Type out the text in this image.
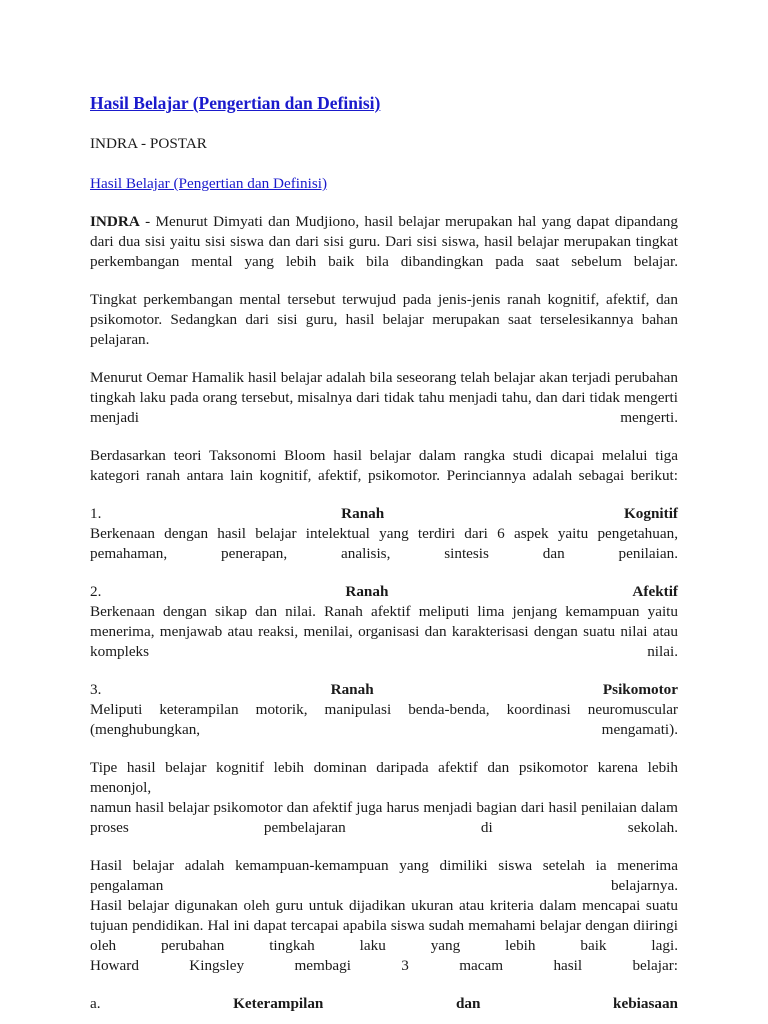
Hasil Belajar (Pengertian dan Definisi)
INDRA - POSTAR
Hasil Belajar (Pengertian dan Definisi)

INDRA - Menurut Dimyati dan Mudjiono, hasil belajar merupakan hal yang dapat dipandang

dari dua sisi yaitu sisi siswa dan dari sisi guru. Dari sisi siswa, hasil belajar merupakan tingkat

perkembangan mental yang lebih baik bila dibandingkan pada saat sebelum belajar.

Tingkat perkembangan mental tersebut terwujud pada jenis-jenis ranah kognitif, afektif, dan

psikomotor. Sedangkan dari sisi guru, hasil belajar merupakan saat terselesikannya bahan

pelajaran.

Menurut Oemar Hamalik hasil belajar adalah bila seseorang telah belajar akan terjadi perubahan

tingkah laku pada orang tersebut, misalnya dari tidak tahu menjadi tahu, dan dari tidak mengerti

menjadi	mengerti.

Berdasarkan teori Taksonomi Bloom hasil belajar dalam rangka studi dicapai melalui tiga

kategori ranah antara lain kognitif, afektif, psikomotor. Perinciannya adalah sebagai berikut:

1.	Ranah	Kognitif

Berkenaan dengan hasil belajar intelektual yang terdiri dari 6 aspek yaitu pengetahuan,

pemahaman, penerapan, analisis, sintesis dan penilaian.

2.	Ranah	Afektif

Berkenaan dengan sikap dan nilai. Ranah afektif meliputi lima jenjang kemampuan yaitu

menerima, menjawab atau reaksi, menilai, organisasi dan karakterisasi dengan suatu nilai atau

kompleks	nilai.
3.	Ranah	Psikomotor

Meliputi keterampilan motorik, manipulasi benda-benda, koordinasi neuromuscular

(menghubungkan,	mengamati).

Tipe hasil belajar kognitif lebih dominan daripada afektif dan psikomotor karena lebih menonjol,

namun hasil belajar psikomotor dan afektif juga harus menjadi bagian dari hasil penilaian dalam

proses pembelajaran di sekolah.

Hasil belajar adalah kemampuan-kemampuan yang dimiliki siswa setelah ia menerima

pengalaman	belajarnya.

Hasil belajar digunakan oleh guru untuk dijadikan ukuran atau kriteria dalam mencapai suatu

tujuan pendidikan. Hal ini dapat tercapai apabila siswa sudah memahami belajar dengan diiringi

oleh perubahan tingkah laku yang lebih baik lagi.

Howard Kingsley membagi 3 macam hasil belajar:

a.	Keterampilan	dan	kebiasaan
